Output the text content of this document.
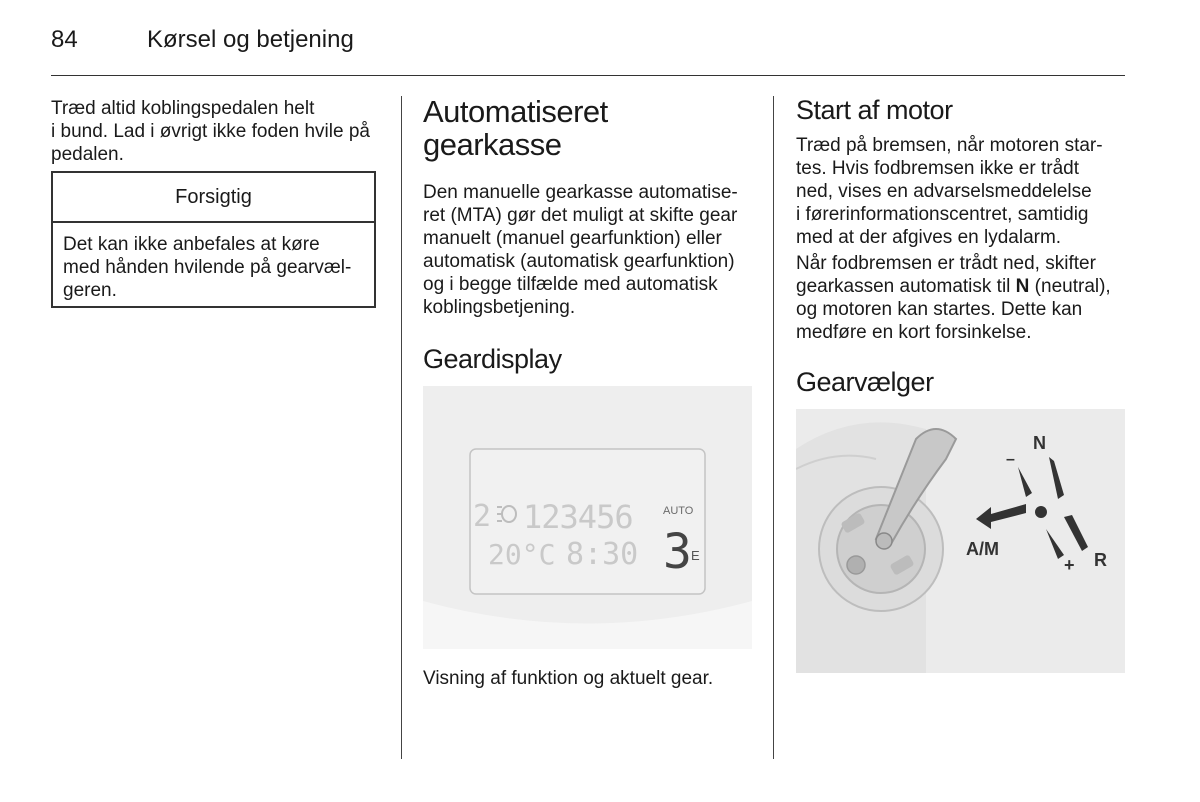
84	Kørsel og betjening

Træd altid koblingspedalen helt

i bund. Lad i øvrigt ikke foden hvile på

pedalen.

Forsigtig

Det kan ikke anbefales at køre

med hånden hvilende på gearvæl-

geren.

Automatiseret
gearkasse

Den manuelle gearkasse automatise-

ret (MTA) gør det muligt at skifte gear

manuelt (manuel gearfunktion) eller

automatisk (automatisk gearfunktion)

og i begge tilfælde med automatisk

koblingsbetjening.

Geardisplay
2 123456
20°C 8:30
AUTO
3 E

Visning af funktion og aktuelt gear.

Start af motor

Træd på bremsen, når motoren star-

tes. Hvis fodbremsen ikke er trådt

ned, vises en advarselsmeddelelse

i førerinformationscentret, samtidig

med at der afgives en lydalarm.

Når fodbremsen er trådt ned, skifter

gearkassen automatisk til N (neutral),

og motoren kan startes. Dette kan

medføre en kort forsinkelse.

Gearvælger
N
–
A/M
+ R
